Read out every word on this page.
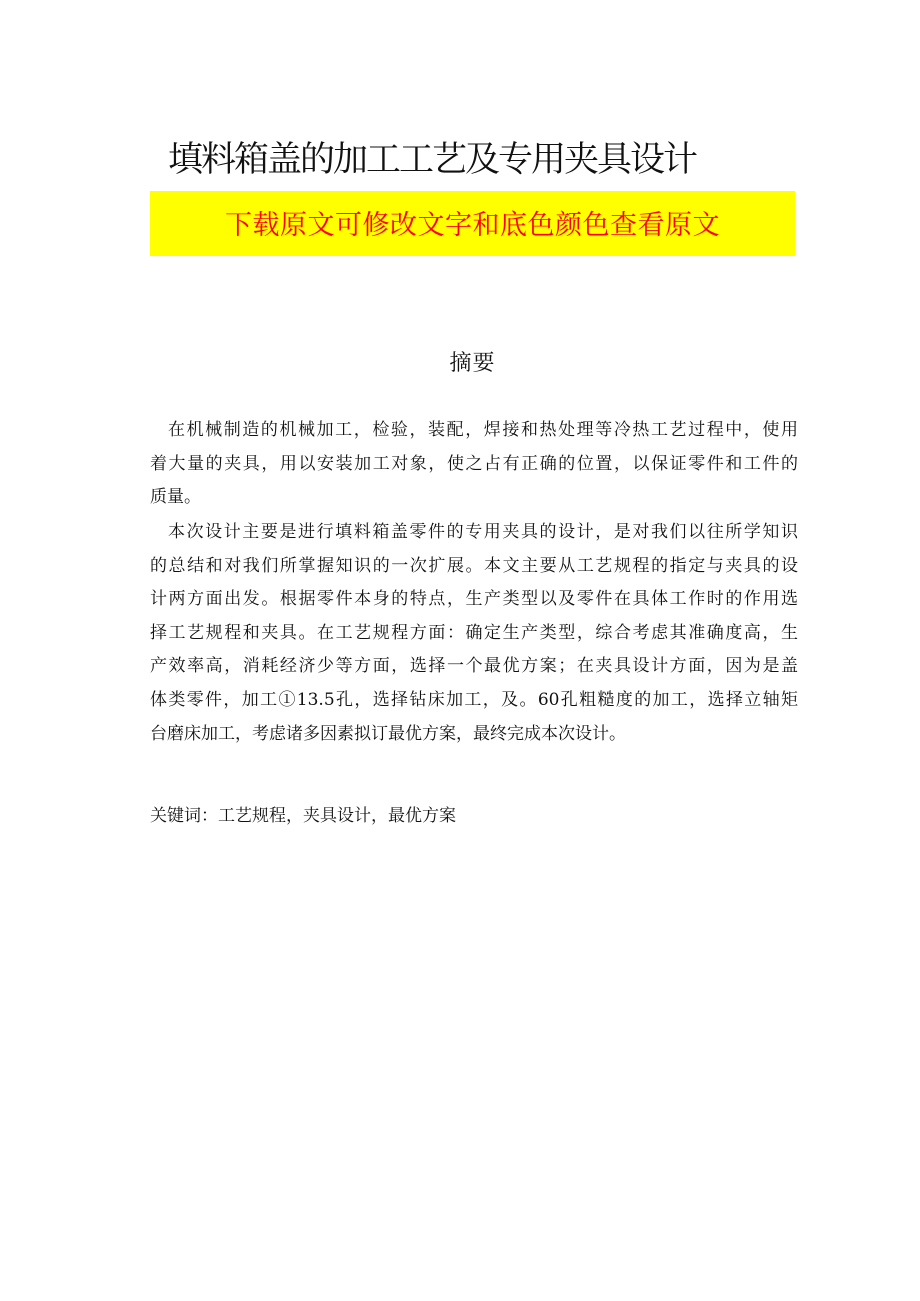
填料箱盖的加工工艺及专用夹具设计
下载原文可修改文字和底色颜色查看原文
摘要
在机械制造的机械加工，检验，装配，焊接和热处理等冷热工艺过程中，使用
着大量的夹具，用以安装加工对象，使之占有正确的位置，以保证零件和工件的
质量。
本次设计主要是进行填料箱盖零件的专用夹具的设计，是对我们以往所学知识
的总结和对我们所掌握知识的一次扩展。本文主要从工艺规程的指定与夹具的设
计两方面出发。根据零件本身的特点，生产类型以及零件在具体工作时的作用选
择工艺规程和夹具。在工艺规程方面：确定生产类型，综合考虑其准确度高，生
产效率高，消耗经济少等方面，选择一个最优方案；在夹具设计方面，因为是盖
体类零件，加工①13.5孔，选择钻床加工，及。60孔粗糙度的加工，选择立轴矩
台磨床加工，考虑诸多因素拟订最优方案，最终完成本次设计。
关键词：工艺规程，夹具设计，最优方案
